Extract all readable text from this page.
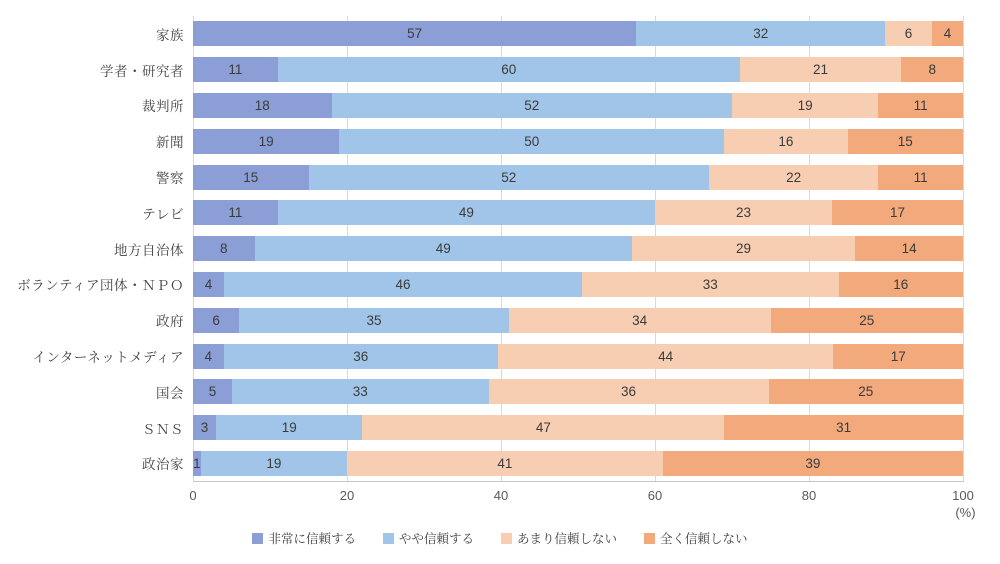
家族	57	32	6 4
学者・研究者	11	60	21	8
裁判所	18	52	19	11
新聞	19	50	16	15
警察	15	52	22	11
テレビ	11	49	23	17
地方自治体	8	49	29	14
ボランティア団体・ＮＰＯ	4	46	33	16
政府	6	35	34	25
インターネットメディア	4	36	44	17
国会	5	33	36	25
ＳＮＳ	3	19	47	31
政治家 1	19	41	39
0	20	40	60	80	100
(%)
非常に信頼する	やや信頼する	あまり信頼しない	全く信頼しない
